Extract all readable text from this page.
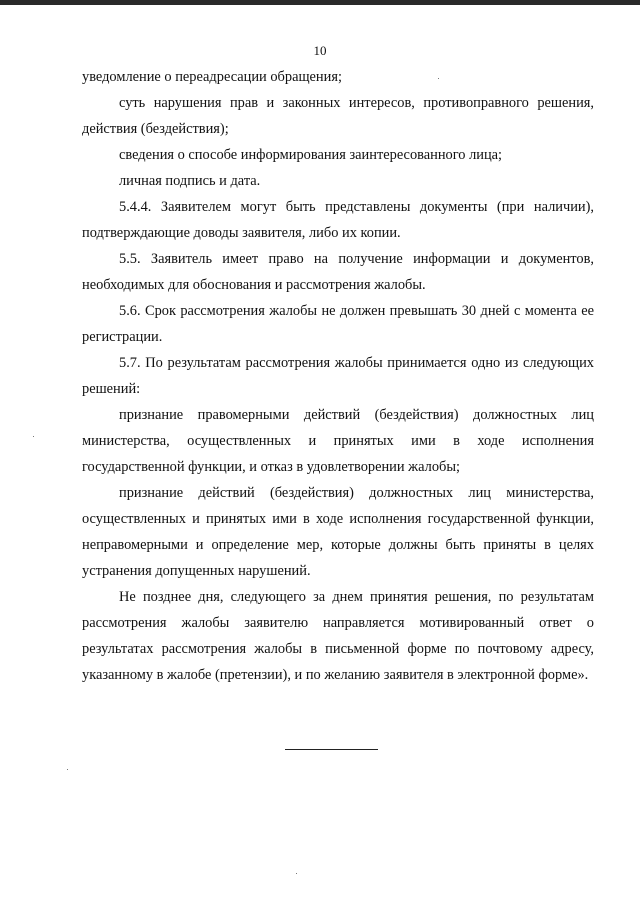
10

уведомление о переадресации обращения;

суть нарушения прав и законных интересов, противоправного решения, действия (бездействия);

сведения о способе информирования заинтересованного лица;

личная подпись и дата.

5.4.4. Заявителем могут быть представлены документы (при наличии), подтверждающие доводы заявителя, либо их копии.

5.5. Заявитель имеет право на получение информации и документов, необходимых для обоснования и рассмотрения жалобы.

5.6. Срок рассмотрения жалобы не должен превышать 30 дней с момента ее регистрации.

5.7. По результатам рассмотрения жалобы принимается одно из следующих решений:

признание правомерными действий (бездействия) должностных лиц министерства, осуществленных и принятых ими в ходе исполнения государственной функции, и отказ в удовлетворении жалобы;

признание действий (бездействия) должностных лиц министерства, осуществленных и принятых ими в ходе исполнения государственной функции, неправомерными и определение мер, которые должны быть приняты в целях устранения допущенных нарушений.

Не позднее дня, следующего за днем принятия решения, по результатам рассмотрения жалобы заявителю направляется мотивированный ответ о результатах рассмотрения жалобы в письменной форме по почтовому адресу, указанному в жалобе (претензии), и по желанию заявителя в электронной форме».
